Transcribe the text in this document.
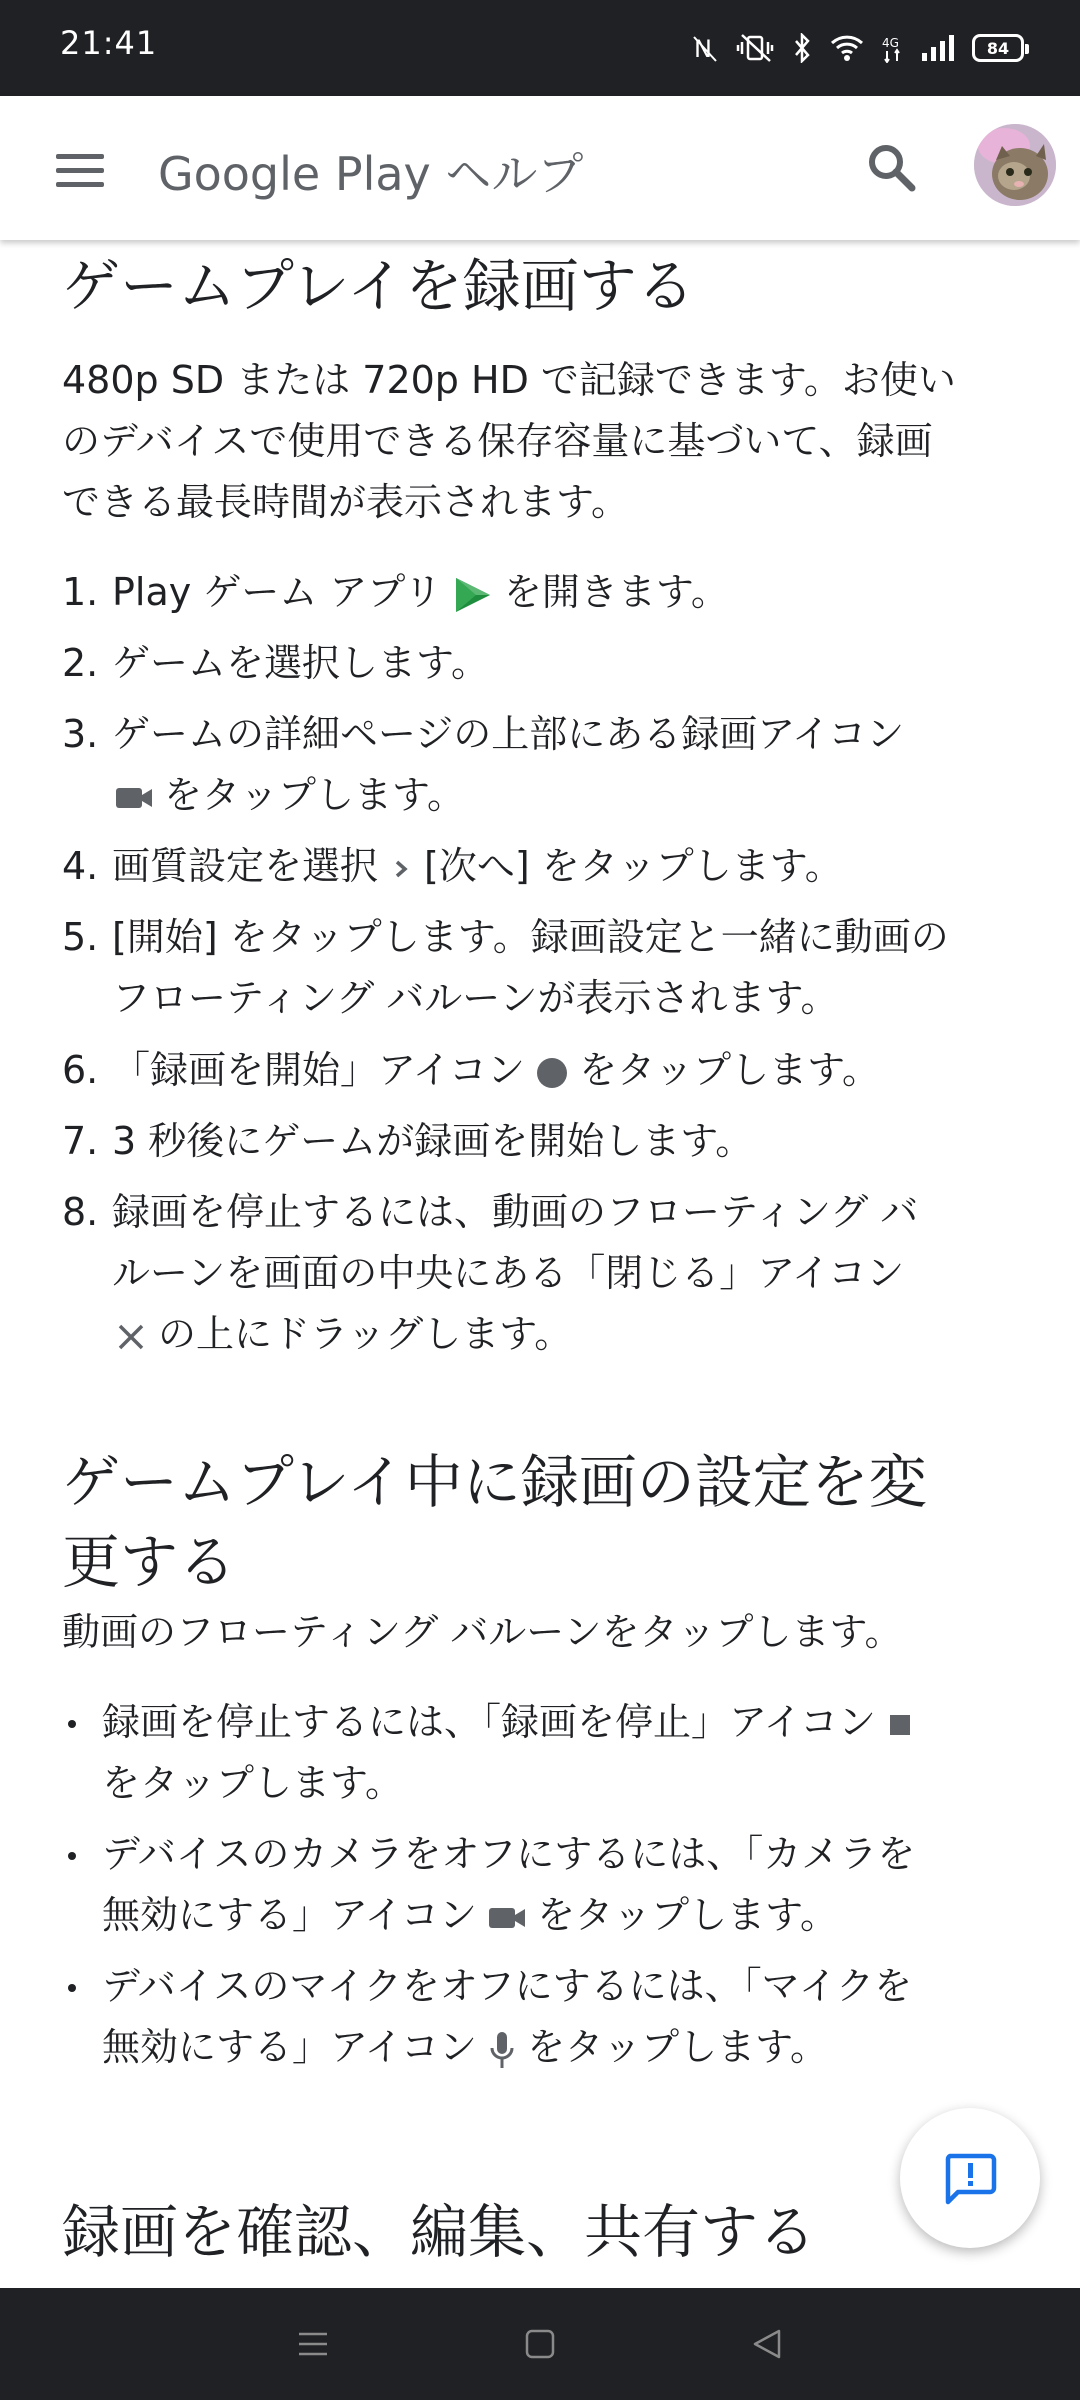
21:41	N	4G	84
Google Play ヘルプ
ゲームプレイを録画する
480p SD または 720p HD で記録できます。お使い
のデバイスで使用できる保存容量に基づいて、録画
できる最長時間が表示されます。
1. Play ゲーム アプリ を開きます。
2. ゲームを選択します。
3. ゲームの詳細ページの上部にある録画アイコン
をタップします。
4. 画質設定を選択 [次へ] をタップします。
5. [開始] をタップします。録画設定と一緒に動画の
フローティング バルーンが表示されます。
6. 「録画を開始」アイコン をタップします。
7. 3 秒後にゲームが録画を開始します。
8. 録画を停止するには、動画のフローティング バ
ルーンを画面の中央にある「閉じる」アイコン
の上にドラッグします。
ゲームプレイ中に録画の設定を変
更する
動画のフローティング バルーンをタップします。
録画を停止するには、「録画を停止」アイコン
をタップします。
デバイスのカメラをオフにするには、「カメラを
無効にする」アイコン をタップします。
デバイスのマイクをオフにするには、「マイクを
無効にする」アイコン をタップします。
録画を確認、編集、共有する
